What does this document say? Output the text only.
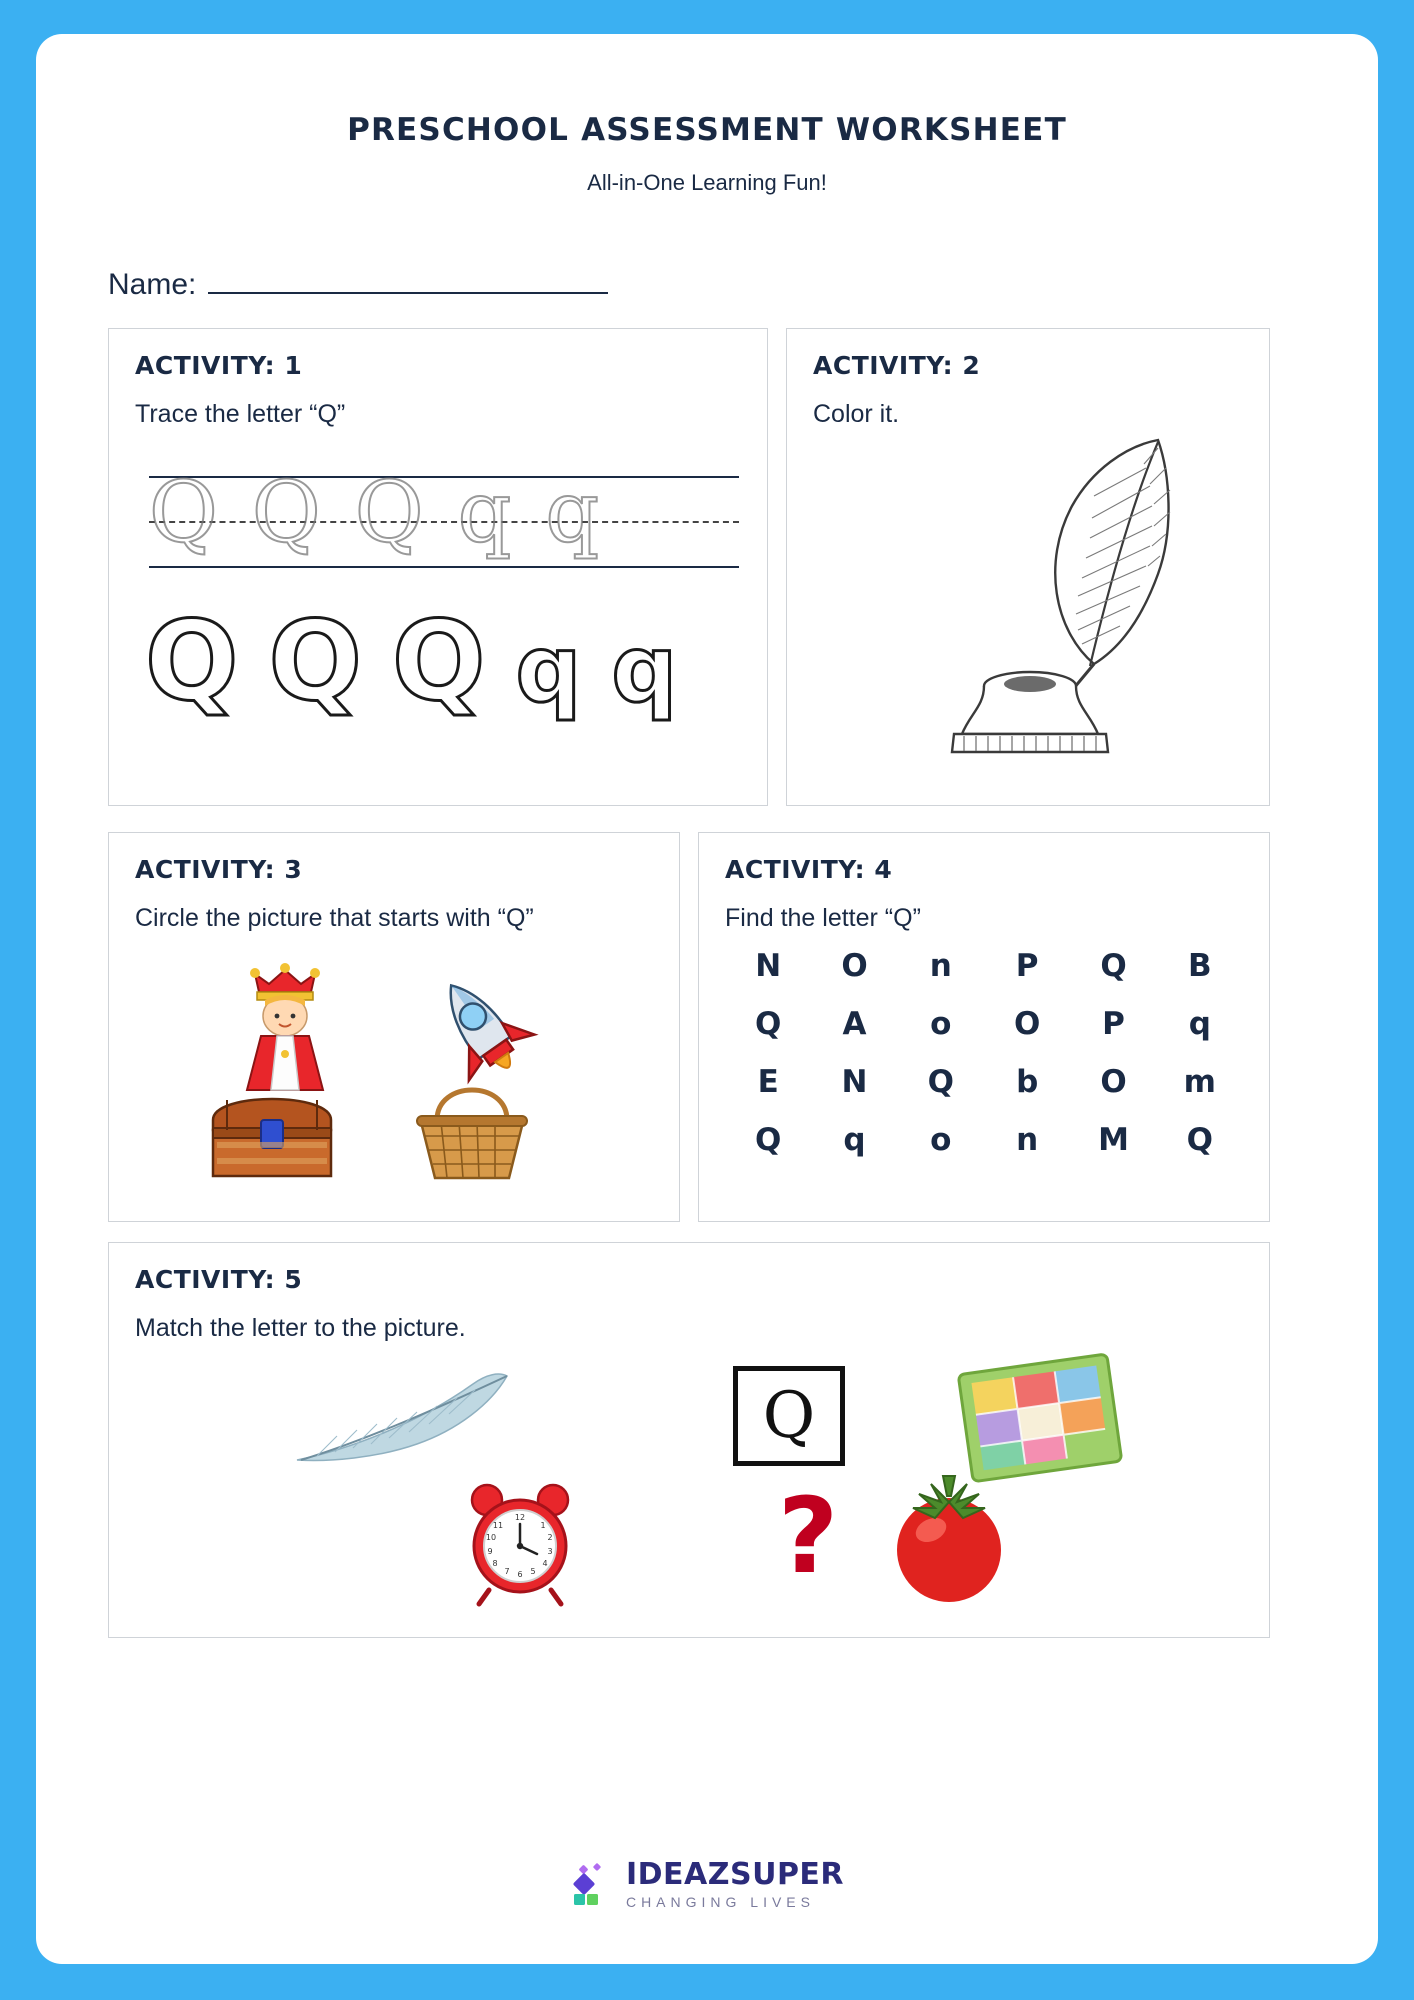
PRESCHOOL ASSESSMENT WORKSHEET
All-in-One Learning Fun!
Name:
ACTIVITY: 1
Trace the letter “Q”
Q Q Q q q
Q Q Q q q
ACTIVITY: 2
Color it.
ACTIVITY: 3
Circle the picture that starts with “Q”
ACTIVITY: 4
Find the letter “Q”
N	O	n	P	Q	B
Q	A	o	O	P	q
E	N	Q	b	O	m
Q	q	o	n	M	Q
ACTIVITY: 5
Match the letter to the picture.
Q
12
1
2
3
4
5
6
7
8
9
10
11	?
IDEAZSUPER
CHANGING LIVES
